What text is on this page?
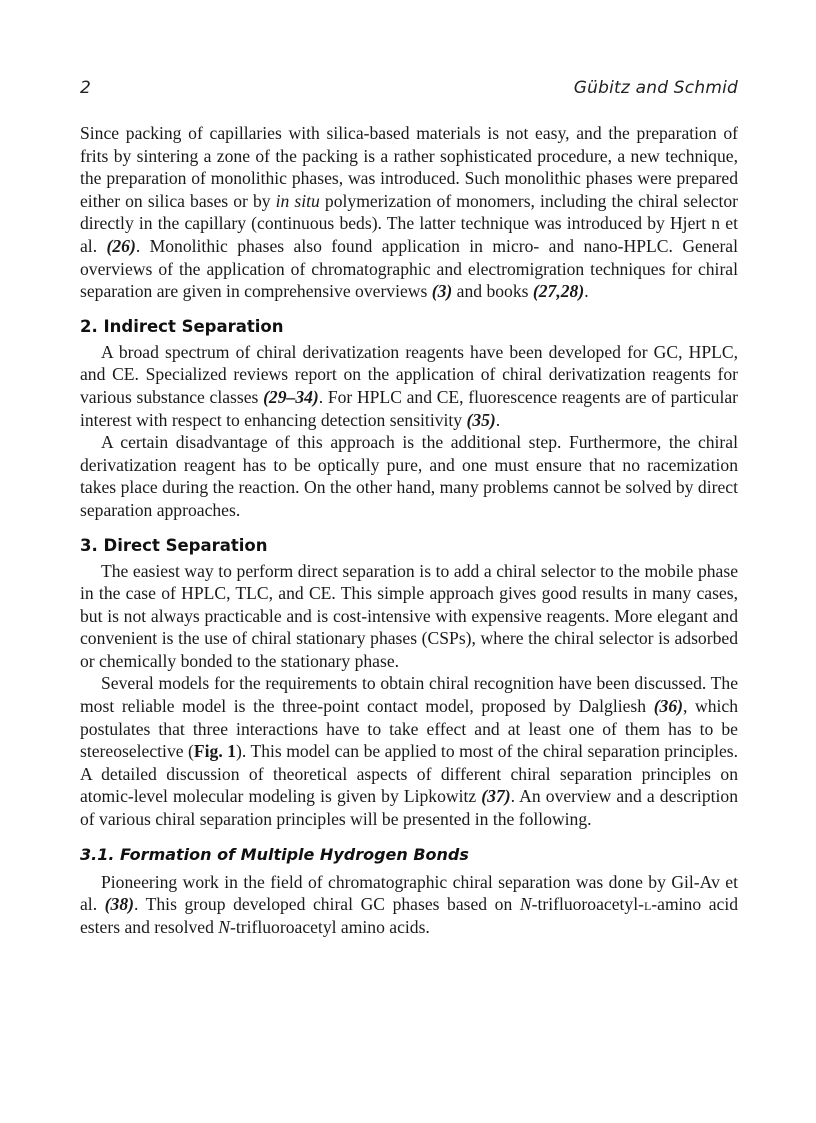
2	Gübitz and Schmid

Since packing of capillaries with silica-based materials is not easy, and the preparation of frits by sintering a zone of the packing is a rather sophisticated procedure, a new technique, the preparation of monolithic phases, was introduced. Such monolithic phases were prepared either on silica bases or by in situ polymerization of monomers, including the chiral selector directly in the capillary (continuous beds). The latter technique was introduced by Hjert n et al. (26). Monolithic phases also found application in micro- and nano-HPLC. General overviews of the application of chromatographic and electromigration techniques for chiral separation are given in comprehensive overviews (3) and books (27,28).

2. Indirect Separation

A broad spectrum of chiral derivatization reagents have been developed for GC, HPLC, and CE. Specialized reviews report on the application of chiral derivatization reagents for various substance classes (29–34). For HPLC and CE, fluorescence reagents are of particular interest with respect to enhancing detection sensitivity (35).

A certain disadvantage of this approach is the additional step. Furthermore, the chiral derivatization reagent has to be optically pure, and one must ensure that no racemization takes place during the reaction. On the other hand, many problems cannot be solved by direct separation approaches.

3. Direct Separation

The easiest way to perform direct separation is to add a chiral selector to the mobile phase in the case of HPLC, TLC, and CE. This simple approach gives good results in many cases, but is not always practicable and is cost-intensive with expensive reagents. More elegant and convenient is the use of chiral stationary phases (CSPs), where the chiral selector is adsorbed or chemically bonded to the stationary phase.

Several models for the requirements to obtain chiral recognition have been discussed. The most reliable model is the three-point contact model, proposed by Dalgliesh (36), which postulates that three interactions have to take effect and at least one of them has to be stereoselective (Fig. 1). This model can be applied to most of the chiral separation principles. A detailed discussion of theoretical aspects of different chiral separation principles on atomic-level molecular modeling is given by Lipkowitz (37). An overview and a description of various chiral separation principles will be presented in the following.

3.1. Formation of Multiple Hydrogen Bonds

Pioneering work in the field of chromatographic chiral separation was done by Gil-Av et al. (38). This group developed chiral GC phases based on N-trifluoroacetyl-l-amino acid esters and resolved N-trifluoroacetyl amino acids.
